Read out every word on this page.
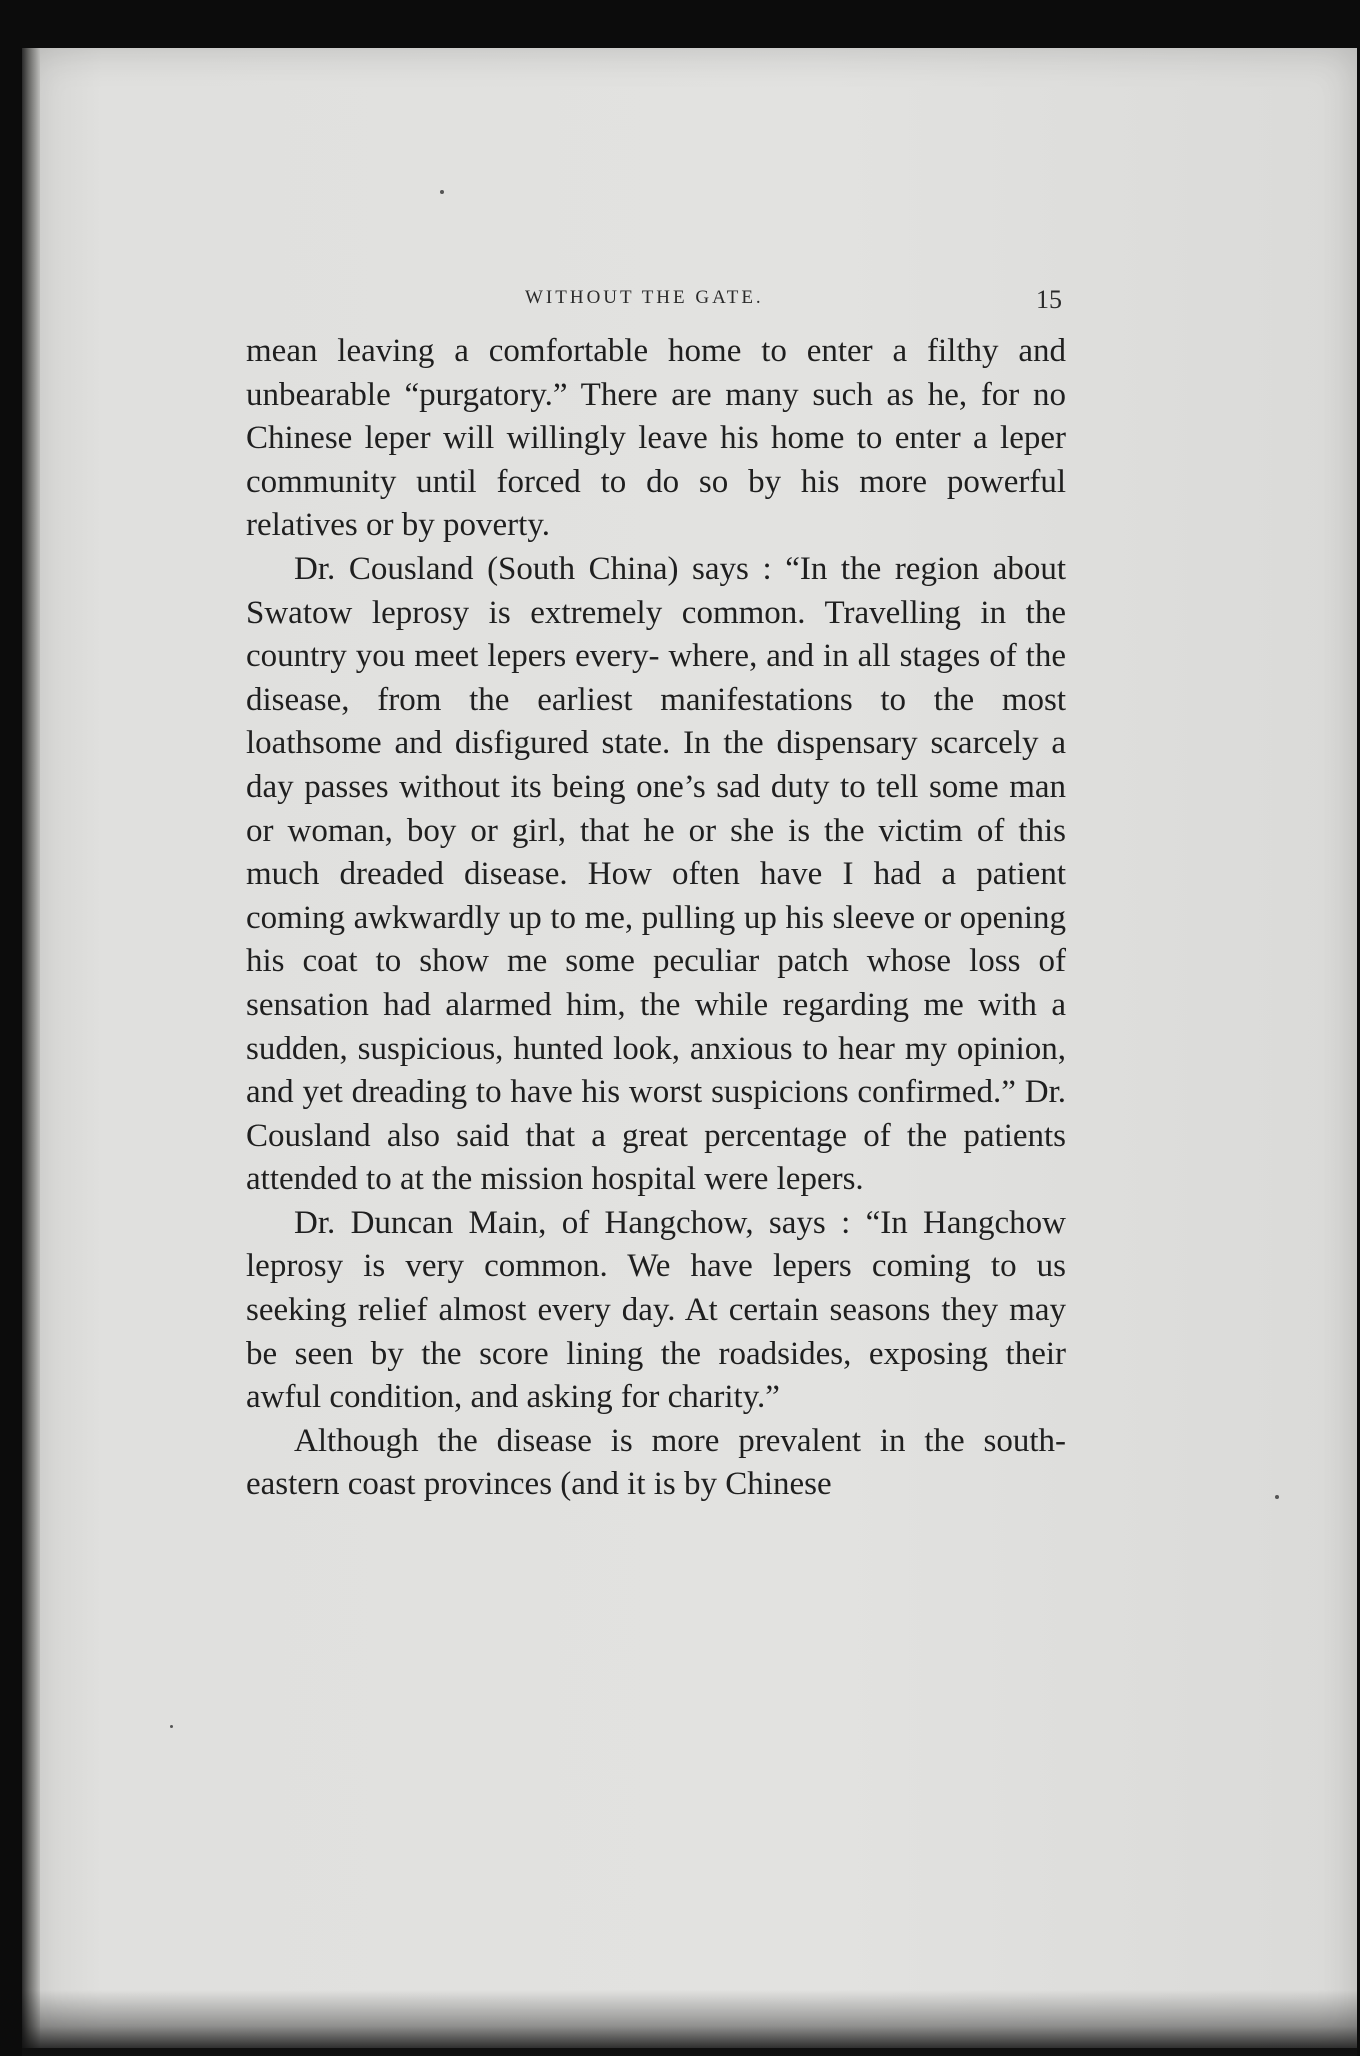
WITHOUT THE GATE.	15

mean leaving a comfortable home to enter a filthy and unbearable “purgatory.” There are many such as he, for no Chinese leper will willingly leave his home to enter a leper community until forced to do so by his more powerful relatives or by poverty.

Dr. Cousland (South China) says : “In the region about Swatow leprosy is extremely common. Travelling in the country you meet lepers every- where, and in all stages of the disease, from the earliest manifestations to the most loathsome and disfigured state. In the dispensary scarcely a day passes without its being one’s sad duty to tell some man or woman, boy or girl, that he or she is the victim of this much dreaded disease. How often have I had a patient coming awkwardly up to me, pulling up his sleeve or opening his coat to show me some peculiar patch whose loss of sensation had alarmed him, the while regarding me with a sudden, suspicious, hunted look, anxious to hear my opinion, and yet dreading to have his worst suspicions confirmed.” Dr. Cousland also said that a great percentage of the patients attended to at the mission hospital were lepers.

Dr. Duncan Main, of Hangchow, says : “In Hangchow leprosy is very common. We have lepers coming to us seeking relief almost every day. At certain seasons they may be seen by the score lining the roadsides, exposing their awful condition, and asking for charity.”

Although the disease is more prevalent in the south-eastern coast provinces (and it is by Chinese
